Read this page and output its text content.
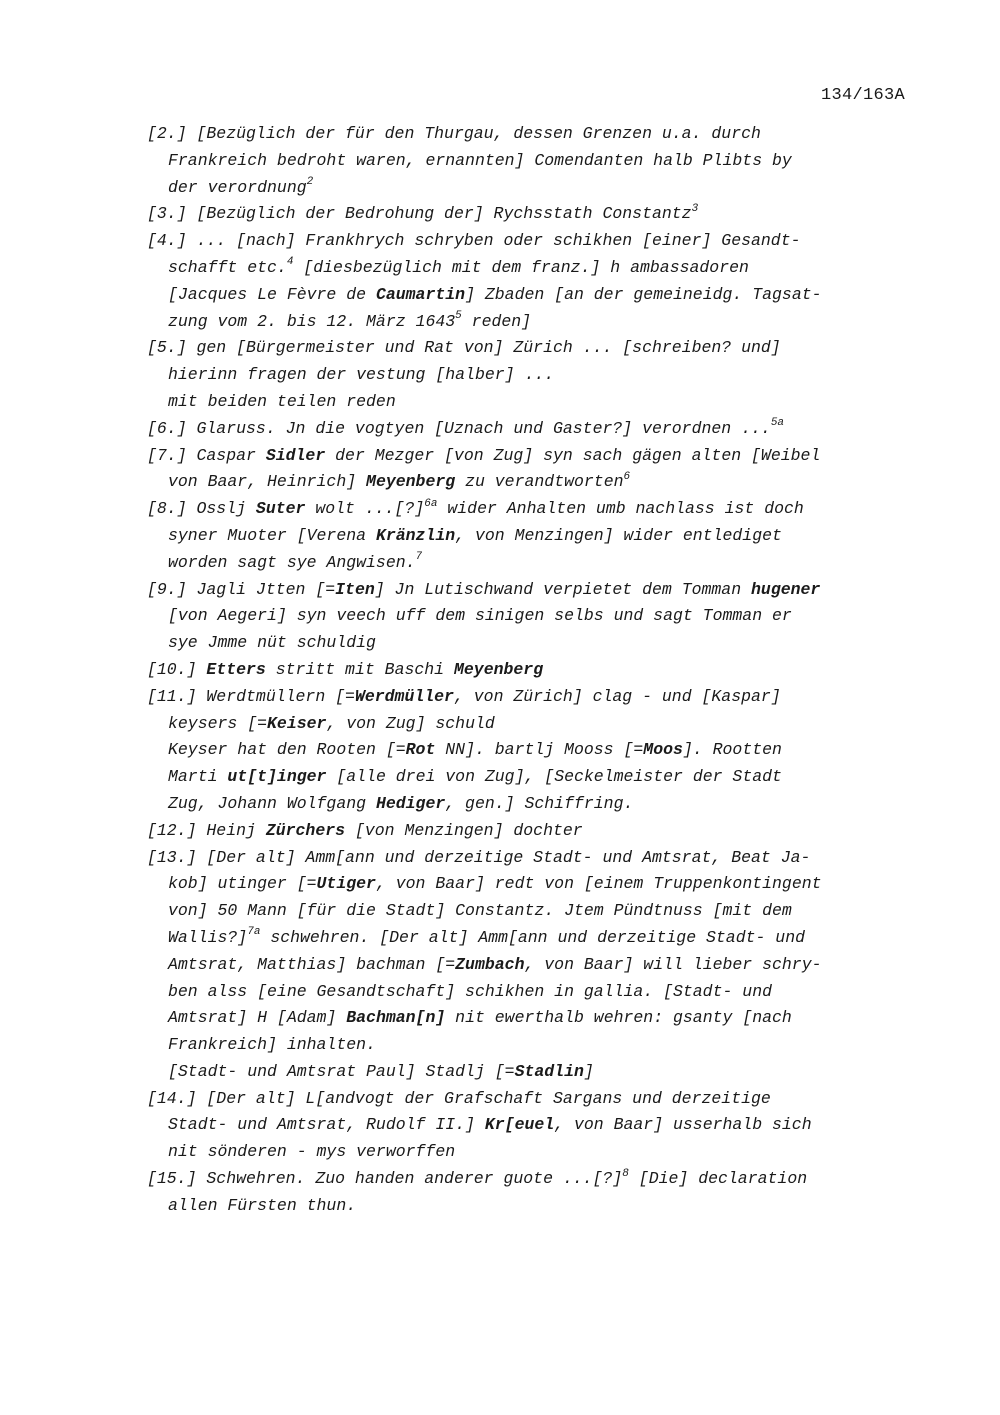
134/163A
[2.] [Bezüglich der für den Thurgau, dessen Grenzen u.a. durch
Frankreich bedroht waren, ernannten] Comendanten halb Plibts by
der verordnung$^2$
[3.] [Bezüglich der Bedrohung der] Rychsstath Constantz$^3$
[4.] ... [nach] Frankhrych schryben oder schikhen [einer] Gesandt-
schafft etc.$^4$ [diesbezüglich mit dem franz.] h ambassadoren
[Jacques Le Fèvre de Caumartin] Zbaden [an der gemeineidg. Tagsat-
zung vom 2. bis 12. März 1643$^5$ reden]
[5.] gen [Bürgermeister und Rat von] Zürich ... [schreiben? und]
hierinn fragen der vestung [halber] ...
mit beiden teilen reden
[6.] Glaruss. Jn die vogtyen [Uznach und Gaster?] verordnen ...$^{5a}$
[7.] Caspar Sidler der Mezger [von Zug] syn sach gägen alten [Weibel
von Baar, Heinrich] Meyenberg zu verandtworten$^6$
[8.] Osslj Suter wolt ...[?]$^{6a}$ wider Anhalten umb nachlass ist doch
syner Muoter [Verena Kränzlin, von Menzingen] wider entlediget
worden sagt sye Angwisen.$^7$
[9.] Jagli Jtten [=Iten] Jn Lutischwand verpietet dem Tomman hugener
[von Aegeri] syn veech uff dem sinigen selbs und sagt Tomman er
sye Jmme nüt schuldig
[10.] Etters stritt mit Baschi Meyenberg
[11.] Werdtmüllern [=Werdmüller, von Zürich] clag - und [Kaspar]
keysers [=Keiser, von Zug] schuld
Keyser hat den Rooten [=Rot NN]. bartlj Mooss [=Moos]. Rootten
Marti ut[t]inger [alle drei von Zug], [Seckelmeister der Stadt
Zug, Johann Wolfgang Hediger, gen.] Schiffring.
[12.] Heinj Zürchers [von Menzingen] dochter
[13.] [Der alt] Amm[ann und derzeitige Stadt- und Amtsrat, Beat Ja-
kob] utinger [=Utiger, von Baar] redt von [einem Truppenkontingent
von] 50 Mann [für die Stadt] Constantz. Jtem Pündtnuss [mit dem
Wallis?]$^{7a}$ schwehren. [Der alt] Amm[ann und derzeitige Stadt- und
Amtsrat, Matthias] bachman [=Zumbach, von Baar] will lieber schry-
ben alss [eine Gesandtschaft] schikhen in gallia. [Stadt- und
Amtsrat] H [Adam] Bachman[n] nit ewerthalb wehren: gsanty [nach
Frankreich] inhalten.
[Stadt- und Amtsrat Paul] Stadlj [=Stadlin]
[14.] [Der alt] L[andvogt der Grafschaft Sargans und derzeitige
Stadt- und Amtsrat, Rudolf II.] Kr[euel, von Baar] usserhalb sich
nit sönderen - mys verworffen
[15.] Schwehren. Zuo handen anderer guote ...[?]$^8$ [Die] declaration
allen Fürsten thun.
